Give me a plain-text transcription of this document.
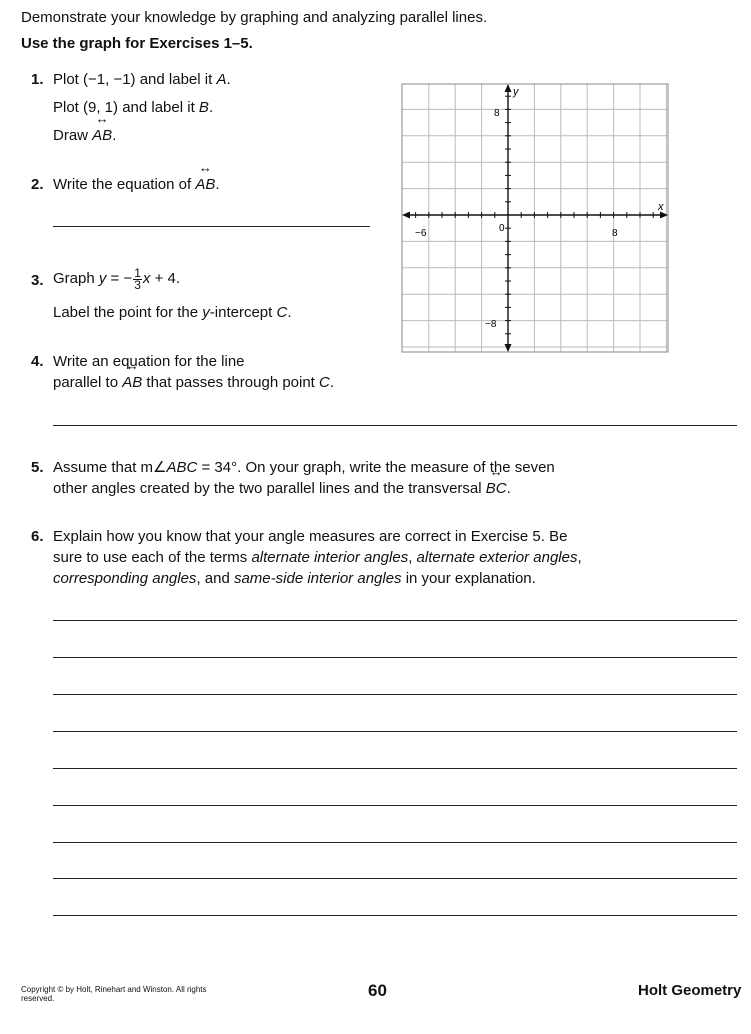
Demonstrate your knowledge by graphing and analyzing parallel lines.
Use the graph for Exercises 1–5.
1. Plot (−1, −1) and label it A.
Plot (9, 1) and label it B.
Draw ↔ AB.
2. Write the equation of ↔ AB.
3. Graph y = − $\frac{1}{3}$ x + 4.
Label the point for the y-intercept C.
4. Write an equation for the line
parallel to ↔ AB that passes through point C.
5. Assume that m∠ABC = 34°. On your graph, write the measure of the seven
other angles created by the two parallel lines and the transversal ↔ BC.
6. Explain how you know that your angle measures are correct in Exercise 5. Be
sure to use each of the terms alternate interior angles, alternate exterior angles,
corresponding angles, and same-side interior angles in your explanation.
x
y
−6	0	8
8
−8
Copyright © by Holt, Rinehart and Winston. All rights reserved.	60	Holt Geometry
